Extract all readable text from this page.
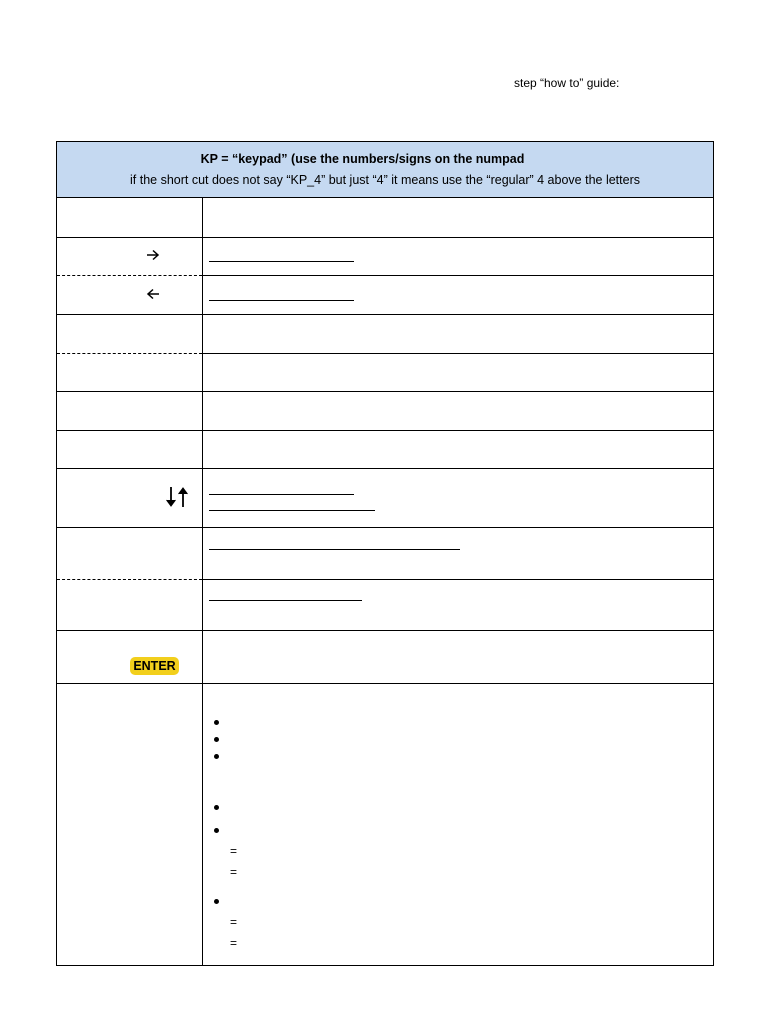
step “how to” guide:
KP = “keypad” (use the numbers/signs on the numpad
if the short cut does not say “KP_4” but just “4” it means use the “regular” 4 above the letters
ENTER
=
=
=
=
